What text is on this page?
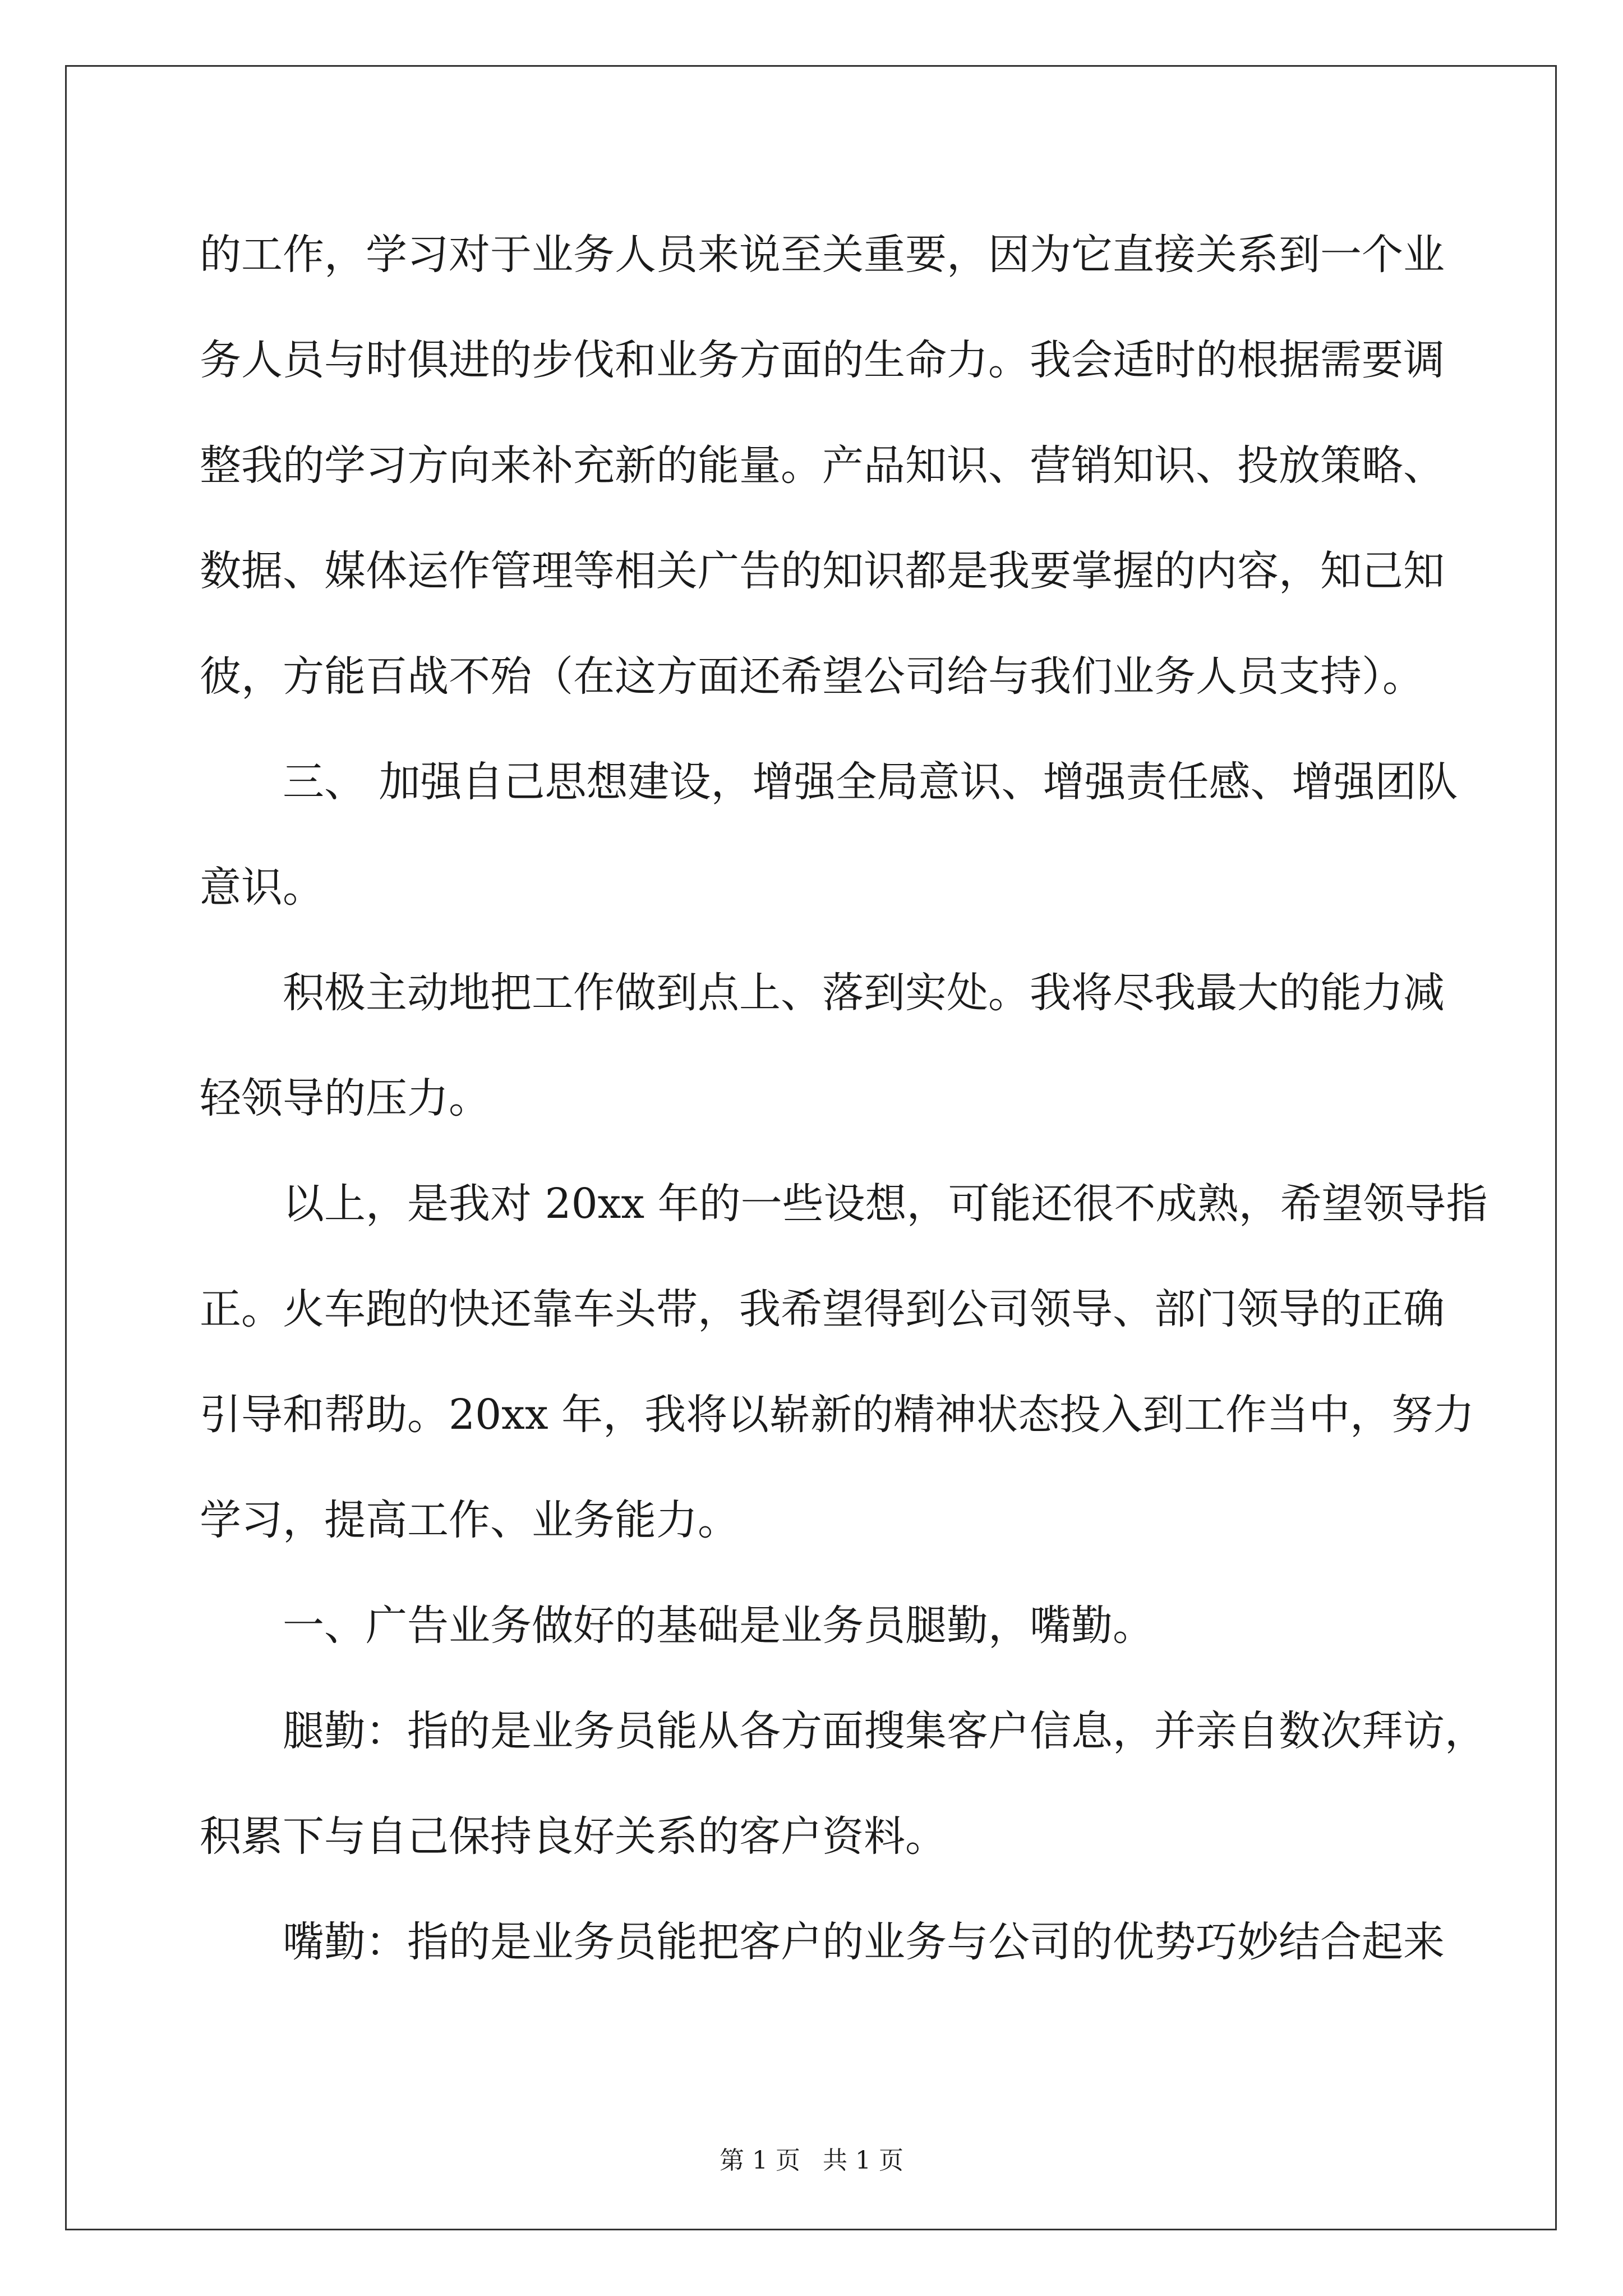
的工作，学习对于业务人员来说至关重要，因为它直接关系到一个业
务人员与时俱进的步伐和业务方面的生命力。我会适时的根据需要调
整我的学习方向来补充新的能量。产品知识、营销知识、投放策略、
数据、媒体运作管理等相关广告的知识都是我要掌握的内容，知己知
彼，方能百战不殆（在这方面还希望公司给与我们业务人员支持）。
三、 加强自己思想建设，增强全局意识、增强责任感、增强团队
意识。
积极主动地把工作做到点上、落到实处。我将尽我最大的能力减
轻领导的压力。
以上，是我对 20xx 年的一些设想，可能还很不成熟，希望领导指
正。火车跑的快还靠车头带，我希望得到公司领导、部门领导的正确
引导和帮助。20xx 年，我将以崭新的精神状态投入到工作当中，努力
学习，提高工作、业务能力。
一、广告业务做好的基础是业务员腿勤，嘴勤。
腿勤：指的是业务员能从各方面搜集客户信息，并亲自数次拜访，
积累下与自己保持良好关系的客户资料。
嘴勤：指的是业务员能把客户的业务与公司的优势巧妙结合起来
第 1 页 共 1 页
